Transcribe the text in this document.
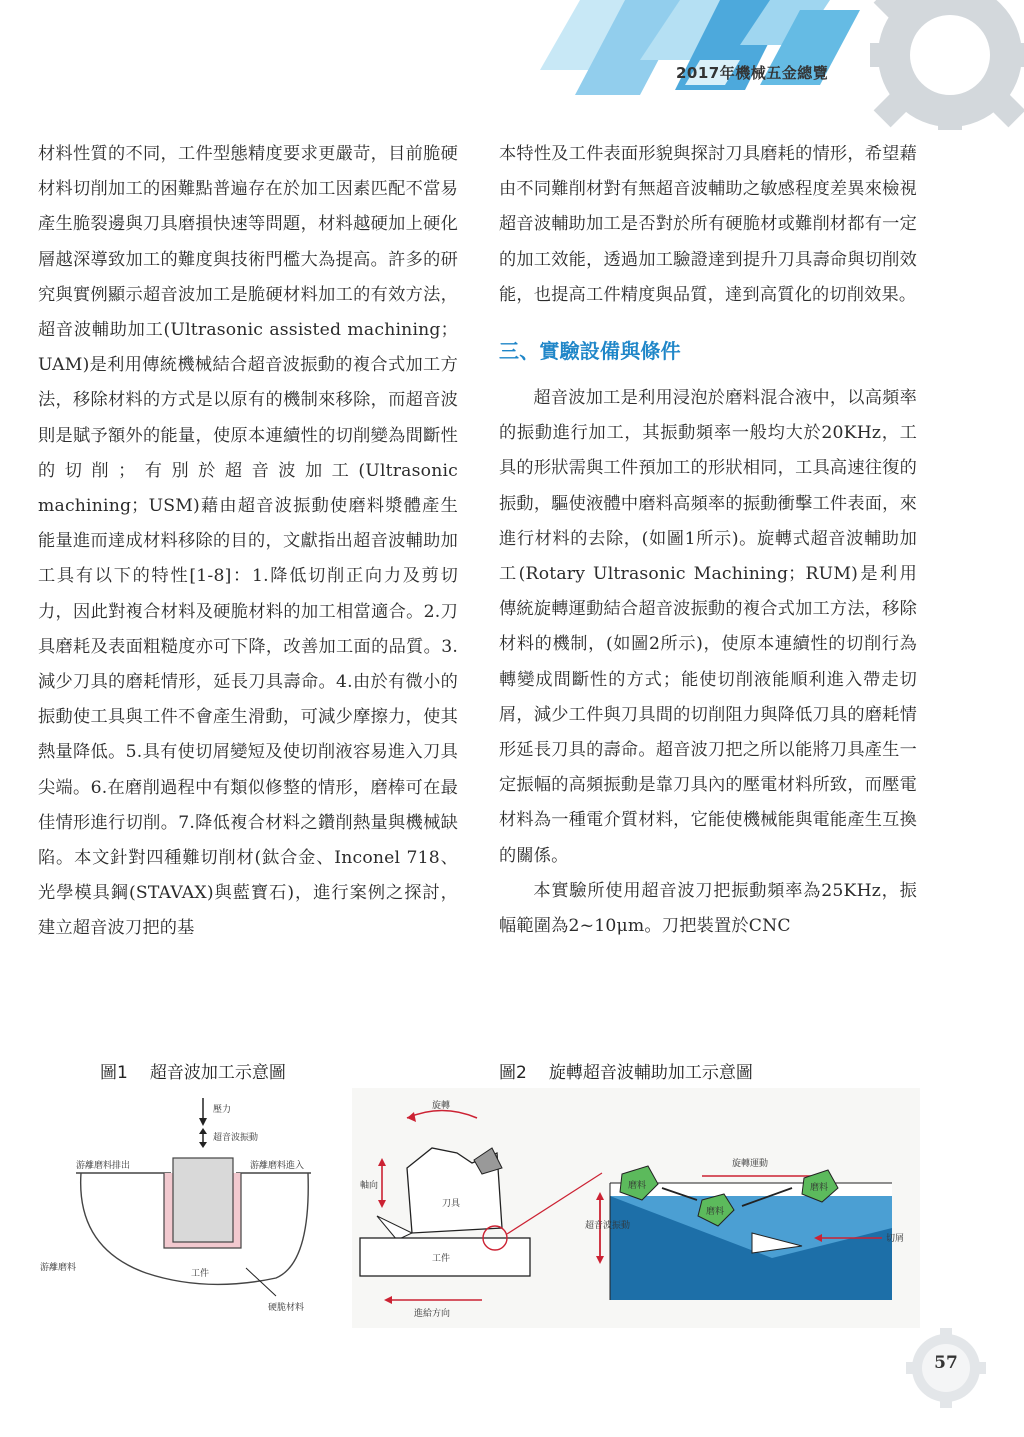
2017年機械五金總覽

材料性質的不同，工件型態精度要求更嚴苛，目前脆硬材料切削加工的困難點普遍存在於加工因素匹配不當易產生脆裂邊與刀具磨損快速等問題，材料越硬加上硬化層越深導致加工的難度與技術門檻大為提高。許多的研究與實例顯示超音波加工是脆硬材料加工的有效方法，超音波輔助加工(Ultrasonic assisted machining；UAM)是利用傳統機械結合超音波振動的複合式加工方法，移除材料的方式是以原有的機制來移除，而超音波則是賦予額外的能量，使原本連續性的切削變為間斷性的切削；有別於超音波加工(Ultrasonic machining；USM)藉由超音波振動使磨料漿體產生能量進而達成材料移除的目的，文獻指出超音波輔助加工具有以下的特性[1-8]：1.降低切削正向力及剪切力，因此對複合材料及硬脆材料的加工相當適合。2.刀具磨耗及表面粗糙度亦可下降，改善加工面的品質。3. 減少刀具的磨耗情形，延長刀具壽命。4.由於有微小的振動使工具與工件不會產生滑動，可減少摩擦力，使其熱量降低。5.具有使切屑變短及使切削液容易進入刀具尖端。6.在磨削過程中有類似修整的情形，磨棒可在最佳情形進行切削。7.降低複合材料之鑽削熱量與機械缺陷。本文針對四種難切削材(鈦合金、Inconel 718、光學模具鋼(STAVAX)與藍寶石)，進行案例之探討，建立超音波刀把的基

本特性及工件表面形貌與探討刀具磨耗的情形，希望藉由不同難削材對有無超音波輔助之敏感程度差異來檢視超音波輔助加工是否對於所有硬脆材或難削材都有一定的加工效能，透過加工驗證達到提升刀具壽命與切削效能，也提高工件精度與品質，達到高質化的切削效果。

三、實驗設備與條件

超音波加工是利用浸泡於磨料混合液中，以高頻率的振動進行加工，其振動頻率一般均大於20KHz，工具的形狀需與工件預加工的形狀相同，工具高速往復的振動，驅使液體中磨料高頻率的振動衝擊工件表面，來進行材料的去除，(如圖1所示)。旋轉式超音波輔助加工(Rotary Ultrasonic Machining；RUM)是利用傳統旋轉運動結合超音波振動的複合式加工方法，移除材料的機制，(如圖2所示)，使原本連續性的切削行為轉變成間斷性的方式；能使切削液能順利進入帶走切屑，減少工件與刀具間的切削阻力與降低刀具的磨耗情形延長刀具的壽命。超音波刀把之所以能將刀具產生一定振幅的高頻振動是靠刀具內的壓電材料所致，而壓電材料為一種電介質材料，它能使機械能與電能產生互換的關係。

本實驗所使用超音波刀把振動頻率為25KHz，振幅範圍為2~10μm。刀把裝置於CNC

圖1 超音波加工示意圖	圖2 旋轉超音波輔助加工示意圖
壓力
超音波振動
游離磨料排出	游離磨料進入
游離磨料
工件
硬脆材料
旋轉
軸向
刀具
工件
進給方向
超音波振動
旋轉運動
磨料
磨料
磨料
切屑
57
